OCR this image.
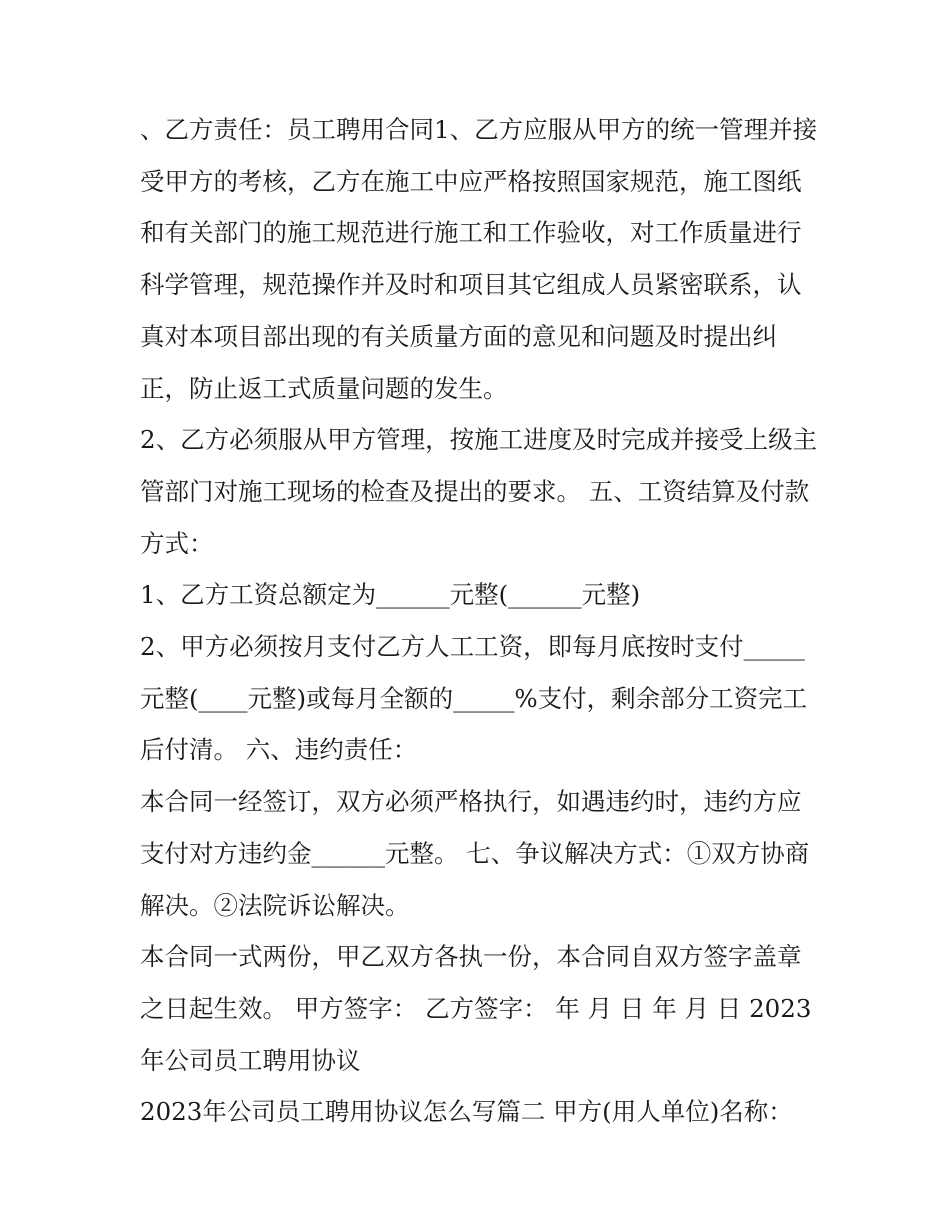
、乙方责任：员工聘用合同1、乙方应服从甲方的统一管理并接受甲方的考核，乙方在施工中应严格按照国家规范，施工图纸和有关部门的施工规范进行施工和工作验收，对工作质量进行科学管理，规范操作并及时和项目其它组成人员紧密联系，认真对本项目部出现的有关质量方面的意见和问题及时提出纠正，防止返工式质量问题的发生。

2、乙方必须服从甲方管理，按施工进度及时完成并接受上级主管部门对施工现场的检查及提出的要求。 五、工资结算及付款方式：

1、乙方工资总额定为______元整(______元整)

2、甲方必须按月支付乙方人工工资，即每月底按时支付_____元整(____元整)或每月全额的_____%支付，剩余部分工资完工后付清。 六、违约责任：

本合同一经签订，双方必须严格执行，如遇违约时，违约方应支付对方违约金______元整。 七、争议解决方式：①双方协商解决。②法院诉讼解决。

本合同一式两份，甲乙双方各执一份，本合同自双方签字盖章之日起生效。 甲方签字： 乙方签字： 年 月 日 年 月 日 2023年公司员工聘用协议

2023年公司员工聘用协议怎么写篇二 甲方(用人单位)名称：
